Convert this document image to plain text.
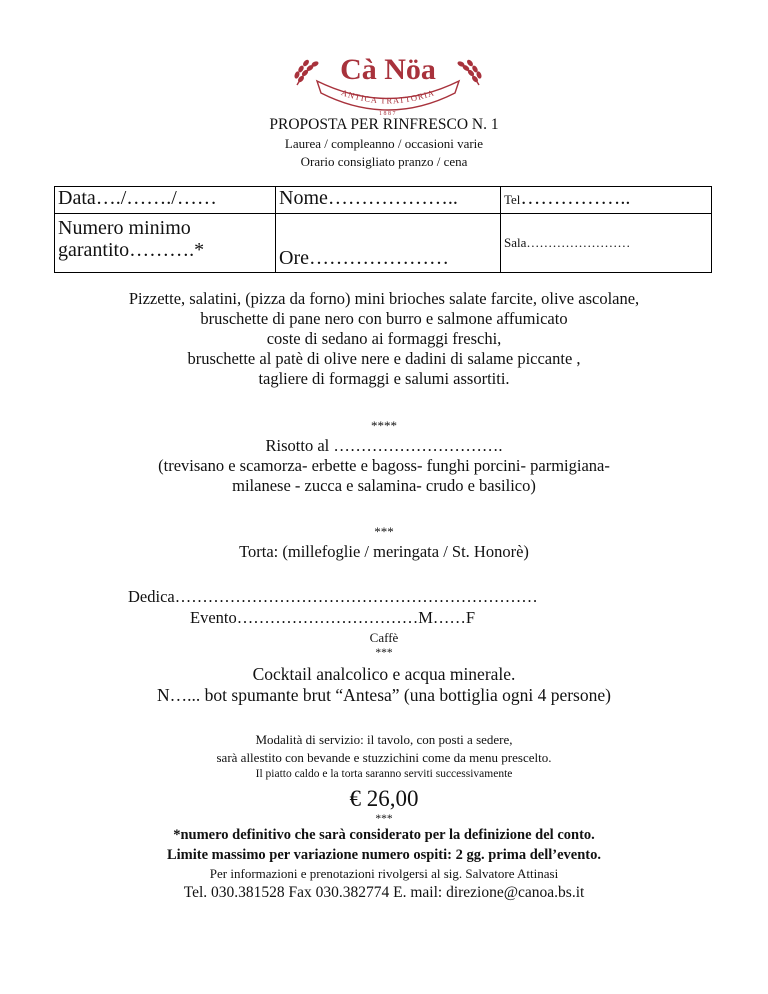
ANTICA TRATTORIA
1887
Cà Nöa
PROPOSTA PER RINFRESCO N. 1
Laurea / compleanno / occasioni varie
Orario consigliato pranzo / cena
Data…./……./……	Nome………………..	Tel……………..

Numero minimo
garantito……….*	Ore…………………	Sala……………………
Pizzette, salatini, (pizza da forno) mini brioches salate farcite, olive ascolane,
bruschette di pane nero con burro e salmone affumicato
coste di sedano ai formaggi freschi,
bruschette al patè di olive nere e dadini di salame piccante ,
tagliere di formaggi e salumi assortiti.
****
Risotto al ………………………….
(trevisano e scamorza- erbette e bagoss- funghi porcini- parmigiana-
milanese - zucca e salamina- crudo e basilico)
***
Torta: (millefoglie / meringata / St. Honorè)
Dedica…………………………………………………………
Evento……………………………M……F
Caffè
***
Cocktail analcolico e acqua minerale.
N…... bot spumante brut “Antesa” (una bottiglia ogni 4 persone)
Modalità di servizio: il tavolo, con posti a sedere,
sarà allestito con bevande e stuzzichini come da menu prescelto.
Il piatto caldo e la torta saranno serviti successivamente
€ 26,00
***
*numero definitivo che sarà considerato per la definizione del conto.
Limite massimo per variazione numero ospiti: 2 gg. prima dell’evento.
Per informazioni e prenotazioni rivolgersi al sig. Salvatore Attinasi
Tel. 030.381528 Fax 030.382774 E. mail: direzione@canoa.bs.it
